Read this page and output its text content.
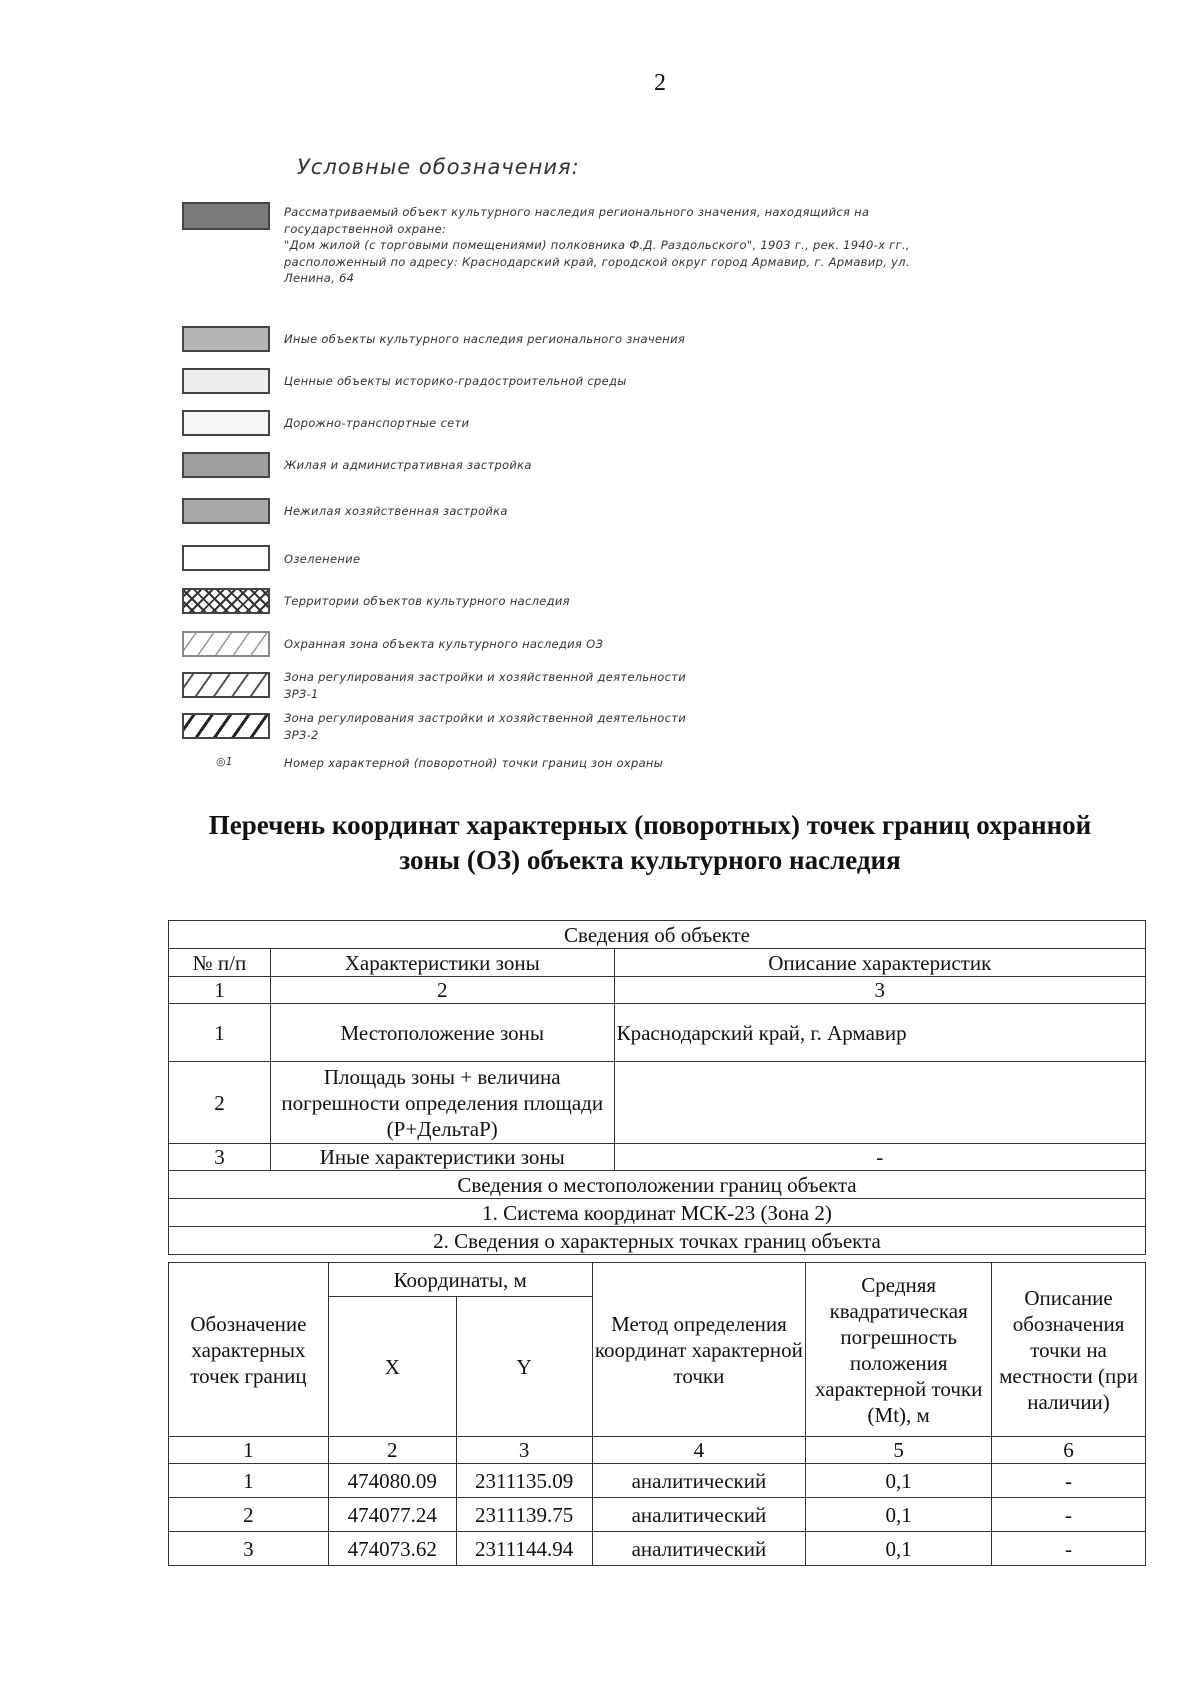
2
Условные обозначения:
Рассматриваемый объект культурного наследия регионального значения, находящийся на государственной охране:
"Дом жилой (с торговыми помещениями) полковника Ф.Д. Раздольского", 1903 г., рек. 1940-х гг., расположенный по адресу: Краснодарский край, городской округ город Армавир, г. Армавир, ул. Ленина, 64
Иные объекты культурного наследия регионального значения
Ценные объекты историко-градостроительной среды
Дорожно-транспортные сети
Жилая и административная застройка
Нежилая хозяйственная застройка
Озеленение
Территории объектов культурного наследия
Охранная зона объекта культурного наследия ОЗ
Зона регулирования застройки и хозяйственной деятельности
ЗРЗ-1
Зона регулирования застройки и хозяйственной деятельности
ЗРЗ-2
◎1	Номер характерной (поворотной) точки границ зон охраны
Перечень координат характерных (поворотных) точек границ охранной
зоны (ОЗ) объекта культурного наследия
Сведения об объекте		
№ п/п	Характеристики зоны	Описание характеристик
1	2	3
1	Местоположение зоны	Краснодарский край, г. Армавир
2	Площадь зоны + величина погрешности определения площади (Р+ДельтаР)	
3	Иные характеристики зоны	-
Сведения о местоположении границ объекта		
1. Система координат МСК-23 (Зона 2)		
2. Сведения о характерных точках границ объекта		
Обозначение характерных точек границ	Координаты, м		Метод определения координат характерной точки	Средняя квадратическая погрешность положения характерной точки (Mt), м	Описание обозначения точки на местности (при наличии)
	X	Y			
1	2	3	4	5	6
1	474080.09	2311135.09	аналитический	0,1	-
2	474077.24	2311139.75	аналитический	0,1	-
3	474073.62	2311144.94	аналитический	0,1	-
